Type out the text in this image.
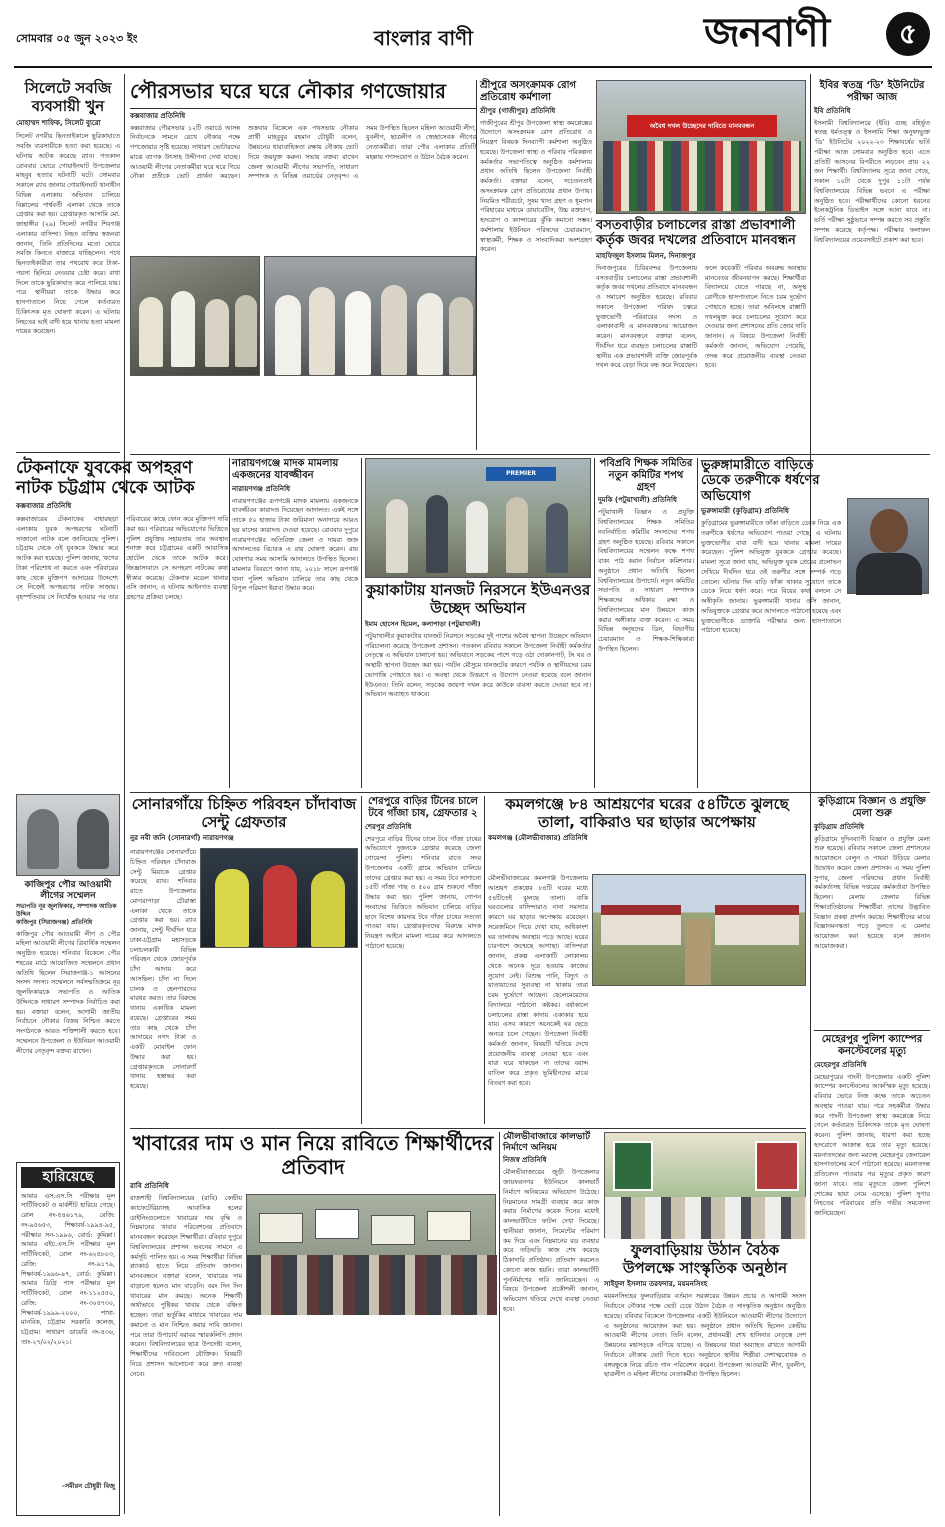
সোমবার ০৫ জুন ২০২৩ ইং	বাংলার বাণী	জনবাণী	৫
সিলেটে সবজি ব্যবসায়ী খুন
মোহাম্মদ শাফিক, সিলেট ব্যুরো
সিলেট নগরীর ছিনতাইকালে ছুরিকাঘাতে সবজি ব্যবসায়ীকে হত্যা করা হয়েছে। এ ঘটনায় আটক করেছে র‍্যাব। গতকাল রোববার ভোরে গোয়াইনঘাট উপজেলার মাহবুব হত্যার ঘটনাটি ঘটে। সোমবার সকালে র‍্যাব জানায় গোয়াইনঘাট থানাধীন বিভিন্ন এলাকায় অভিযান চালিয়ে বিল্লালের পার্শ্ববর্তী এলাকা থেকে তাকে গ্রেপ্তার করা হয়। গ্রেপ্তারকৃত আসামি মো. জাহাঙ্গীর (২৯) সিলেট নগরীর শিবগঞ্জ এলাকার বাসিন্দা। নিহত ব্যক্তির স্বজনরা জানান, তিনি প্রতিদিনের মতো ভোরে সবজি কিনতে বাজারে যাচ্ছিলেন। পথে ছিনতাইকারীরা তার পথরোধ করে টাকা-পয়সা ছিনিয়ে নেওয়ার চেষ্টা করে। বাধা দিলে তাকে ছুরিকাঘাত করে পালিয়ে যায়। পরে স্থানীয়রা তাকে উদ্ধার করে হাসপাতালে নিয়ে গেলে কর্তব্যরত চিকিৎসক মৃত ঘোষণা করেন। এ ঘটনায় নিহতের ভাই বাদী হয়ে থানায় হত্যা মামলা দায়ের করেছেন।
টেকনাফে যুবকের অপহরণ নাটক চট্টগ্রাম থেকে আটক
কক্সবাজার প্রতিনিধি
কক্সবাজারের টেকনাফের বাহারছড়া এলাকায় যুবক অপহরণের ঘটনাটি সাজানো নাটক বলে জানিয়েছে পুলিশ। চট্টগ্রাম থেকে ওই যুবককে উদ্ধার করে আটক করা হয়েছে। পুলিশ জানায়, ঋণের টাকা পরিশোধ না করতে এবং পরিবারের কাছ থেকে মুক্তিপণ আদায়ের উদ্দেশ্যে সে নিজেই অপহরণের নাটক সাজায়। বৃহস্পতিবার সে নিখোঁজ হওয়ার পর তার পরিবারের কাছে ফোন করে মুক্তিপণ দাবি করা হয়। পরিবারের অভিযোগের ভিত্তিতে পুলিশ প্রযুক্তির সহায়তায় তার অবস্থান শনাক্ত করে চট্টগ্রামের একটি আবাসিক হোটেল থেকে তাকে আটক করে। জিজ্ঞাসাবাদে সে অপহরণ নাটকের কথা স্বীকার করেছে। টেকনাফ মডেল থানার ওসি জানান, এ ঘটনায় আইনগত ব্যবস্থা গ্রহণের প্রক্রিয়া চলছে।
কাজিপুর পৌর আওয়ামী লীগের সম্মেলন
সভাপতি নূর জুলফিকার, সম্পাদক আতিক উদ্দিন
কাজিপুর (সিরাজগঞ্জ) প্রতিনিধি
কাজিপুর পৌর আওয়ামী লীগ ও পৌর মহিলা আওয়ামী লীগের ত্রিবার্ষিক সম্মেলন অনুষ্ঠিত হয়েছে। শনিবার বিকেলে পৌর শহরের মাঠে আয়োজিত সম্মেলনে প্রধান অতিথি ছিলেন সিরাজগঞ্জ-১ আসনের সংসদ সদস্য। সম্মেলনে সর্বসম্মতিক্রমে নূর জুলফিকারকে সভাপতি ও আতিক উদ্দিনকে সাধারণ সম্পাদক নির্বাচিত করা হয়। বক্তারা বলেন, আগামী জাতীয় নির্বাচনে নৌকার বিজয় নিশ্চিত করতে সংগঠনকে আরও শক্তিশালী করতে হবে। সম্মেলনে উপজেলা ও ইউনিয়ন আওয়ামী লীগের নেতৃবৃন্দ বক্তব্য রাখেন।
হারিয়েছে
আমার এস.এস.সি পরীক্ষার মূল সার্টিফিকেট ও মার্কশীট হারিয়ে গেছে। রোল নং-৫৪৬১৭৯, রেজি: নং-৯৫৬৫৩, শিক্ষাবর্ষ-১৯৯৪-৯৫, পরীক্ষার সন-১৯৯৬, বোর্ড: কুমিল্লা। আমার এইচ.এস.সি পরীক্ষার মূল সার্টিফিকেট, রোল নং-৬২৪৮০৩, রেজি: নং-৯১৭৯, শিক্ষাবর্ষ-১৯৯৬-৯৭, বোর্ড: কুমিল্লা। আমার ডিগ্রি পাস পরীক্ষার মূল সার্টিফিকেট, রোল নং-১১২৫৫০, রেজি: নং-৩০৫৭৩০, শিক্ষাবর্ষ-১৯৯৯-২০০০, শাখা-মানবিক, চট্টগ্রাম সরকারি কলেজ, চট্টগ্রাম। সাধারণ ডায়েরি নং-৪৩৬, তাং-২৭/০২/২০২১।
-সমীরন চৌধুরী বিজু
পৌরসভার ঘরে ঘরে নৌকার গণজোয়ার
কক্সবাজার প্রতিনিধি
কক্সবাজার পৌরসভার ১২টি ওয়ার্ডে আসন্ন নির্বাচনকে সামনে রেখে নৌকার পক্ষে গণজোয়ার সৃষ্টি হয়েছে। সাধারণ ভোটারদের মাঝে ব্যাপক উৎসাহ উদ্দীপনা দেখা যাচ্ছে। আওয়ামী লীগের নেতাকর্মীরা ঘরে ঘরে গিয়ে নৌকা প্রতীকে ভোট প্রার্থনা করছেন। শুক্রবার বিকেলে এক পথসভায় নৌকার প্রার্থী মাহবুবুর রহমান চৌধুরী বলেন, উন্নয়নের ধারাবাহিকতা রক্ষায় নৌকায় ভোট দিয়ে জয়যুক্ত করুন। সভায় বক্তব্য রাখেন জেলা আওয়ামী লীগের সভাপতি, সাধারণ সম্পাদক ও বিভিন্ন ওয়ার্ডের নেতৃবৃন্দ। এ সময় উপস্থিত ছিলেন মহিলা আওয়ামী লীগ, যুবলীগ, ছাত্রলীগ ও স্বেচ্ছাসেবক লীগের নেতাকর্মীরা। তারা পৌর এলাকার প্রতিটি মহল্লায় গণসংযোগ ও উঠান বৈঠক করেন।
শ্রীপুরে অসংক্রামক রোগ প্রতিরোধ কর্মশালা
শ্রীপুর (গাজীপুর) প্রতিনিধি
গাজীপুরের শ্রীপুর উপজেলা স্বাস্থ্য কমপ্লেক্সের উদ্যোগে অসংক্রামক রোগ প্রতিরোধ ও নিয়ন্ত্রণ বিষয়ক দিনব্যাপী কর্মশালা অনুষ্ঠিত হয়েছে। উপজেলা স্বাস্থ্য ও পরিবার পরিকল্পনা কর্মকর্তার সভাপতিত্বে অনুষ্ঠিত কর্মশালায় প্রধান অতিথি ছিলেন উপজেলা নির্বাহী কর্মকর্তা। বক্তারা বলেন, সচেতনতাই অসংক্রামক রোগ প্রতিরোধের প্রধান উপায়। নিয়মিত শরীরচর্চা, সুষম খাদ্য গ্রহণ ও ধূমপান পরিহারের মাধ্যমে ডায়াবেটিস, উচ্চ রক্তচাপ, হৃদরোগ ও ক্যান্সারের ঝুঁকি কমানো সম্ভব। কর্মশালায় ইউনিয়ন পরিষদের চেয়ারম্যান, স্বাস্থ্যকর্মী, শিক্ষক ও সাংবাদিকরা অংশগ্রহণ করেন।
অবৈধ দখল উচ্ছেদের দাবিতে মানববন্ধন
ইবির স্বতন্ত্র ‘ডি’ ইউনিটের পরীক্ষা আজ
ইবি প্রতিনিধি
ইসলামী বিশ্ববিদ্যালয়ে (ইবি) গুচ্ছ বহির্ভূত স্বতন্ত্র ধর্মতত্ত্ব ও ইসলামি শিক্ষা অনুষদভুক্ত ‘ডি’ ইউনিটের ২০২২-২৩ শিক্ষাবর্ষের ভর্তি পরীক্ষা আজ সোমবার অনুষ্ঠিত হবে। এতে প্রতিটি আসনের বিপরীতে লড়বেন প্রায় ২২ জন শিক্ষার্থী। বিশ্ববিদ্যালয় সূত্রে জানা গেছে, সকাল ১০টা থেকে দুপুর ১১টা পর্যন্ত বিশ্ববিদ্যালয়ের বিভিন্ন ভবনে এ পরীক্ষা অনুষ্ঠিত হবে। পরীক্ষার্থীদের কোনো ধরনের ইলেকট্রনিক ডিভাইস সঙ্গে আনা যাবে না। ভর্তি পরীক্ষা সুষ্ঠুভাবে সম্পন্ন করতে সব প্রস্তুতি সম্পন্ন করেছে কর্তৃপক্ষ। পরীক্ষার ফলাফল বিশ্ববিদ্যালয়ের ওয়েবসাইটে প্রকাশ করা হবে।
বসতবাড়ীর চলাচলের রাস্তা প্রভাবশালী কর্তৃক জবর দখলের প্রতিবাদে মানবন্ধন
মাহফিজুল ইসলাম মিলন, দিনাজপুর
দিনাজপুরের চিরিরবন্দর উপজেলায় বসতবাড়ীর চলাচলের রাস্তা প্রভাবশালী কর্তৃক জবর দখলের প্রতিবাদে মানববন্ধন ও সমাবেশ অনুষ্ঠিত হয়েছে। রবিবার সকালে উপজেলা পরিষদ চত্বরে ভুক্তভোগী পরিবারের সদস্য ও এলাকাবাসী এ মানববন্ধনের আয়োজন করেন। মানববন্ধনে বক্তারা বলেন, দীর্ঘদিন ধরে ব্যবহৃত চলাচলের রাস্তাটি স্থানীয় এক প্রভাবশালী ব্যক্তি জোরপূর্বক দখল করে বেড়া দিয়ে বন্ধ করে দিয়েছেন। ফলে কয়েকটি পরিবার অবরুদ্ধ অবস্থায় মানবেতর জীবনযাপন করছে। শিক্ষার্থীরা বিদ্যালয়ে যেতে পারছে না, অসুস্থ রোগীকে হাসপাতালে নিতে চরম দুর্ভোগ পোহাতে হচ্ছে। তারা অবিলম্বে রাস্তাটি দখলমুক্ত করে চলাচলের সুযোগ করে দেওয়ার জন্য প্রশাসনের প্রতি জোর দাবি জানান। এ বিষয়ে উপজেলা নির্বাহী কর্মকর্তা জানান, অভিযোগ পেয়েছি, তদন্ত করে প্রয়োজনীয় ব্যবস্থা নেওয়া হবে।
নারায়ণগঞ্জে মাদক মামলায় একজনের যাবজ্জীবন
নারায়ণগঞ্জ প্রতিনিধি
নারায়ণগঞ্জের রূপগঞ্জে মাদক মামলায় একজনকে যাবজ্জীবন কারাদণ্ড দিয়েছেন আদালত। একই সঙ্গে তাকে ৫০ হাজার টাকা জরিমানা অনাদায়ে আরও ছয় মাসের কারাদণ্ড দেওয়া হয়েছে। রোববার দুপুরে নারায়ণগঞ্জের অতিরিক্ত জেলা ও দায়রা জজ আদালতের বিচারক এ রায় ঘোষণা করেন। রায় ঘোষণার সময় আসামি আদালতে উপস্থিত ছিলেন। মামলার বিবরণে জানা যায়, ২০১৮ সালে রূপগঞ্জ থানা পুলিশ অভিযান চালিয়ে তার কাছ থেকে বিপুল পরিমাণ ইয়াবা উদ্ধার করে।
PREMIER
কুয়াকাটায় যানজট নিরসনে ইউএনওর উচ্ছেদ অভিযান
ইমাম হোসেন হিমেল, কলাপাড়া (পটুয়াখালী)
পটুয়াখালীর কুয়াকাটায় যানজট নিরসনে সড়কের দুই পাশের অবৈধ স্থাপনা উচ্ছেদে অভিযান পরিচালনা করেছে উপজেলা প্রশাসন। গতকাল রবিবার সকালে উপজেলা নির্বাহী কর্মকর্তার নেতৃত্বে এ অভিযান চালানো হয়। অভিযানে সড়কের পাশে গড়ে ওঠা দোকানপাট, টং ঘর ও অস্থায়ী স্থাপনা উচ্ছেদ করা হয়। পর্যটন মৌসুমে যানজটের কারণে পর্যটক ও স্থানীয়দের চরম ভোগান্তি পোহাতে হয়। এ অবস্থা থেকে উত্তরণে এ উদ্যোগ নেওয়া হয়েছে বলে জানান ইউএনও। তিনি বলেন, সড়কের জায়গা দখল করে কাউকে ব্যবসা করতে দেওয়া হবে না। অভিযান অব্যাহত থাকবে।
পবিপ্রবি শিক্ষক সমিতির নতুন কমিটির শপথ গ্রহণ
দুমকি (পটুয়াখালী) প্রতিনিধি
পটুয়াখালী বিজ্ঞান ও প্রযুক্তি বিশ্ববিদ্যালয়ের শিক্ষক সমিতির নবনির্বাচিত কমিটির সদস্যদের শপথ গ্রহণ অনুষ্ঠিত হয়েছে। রবিবার সকালে বিশ্ববিদ্যালয়ের সম্মেলন কক্ষে শপথ বাক্য পাঠ করান নির্বাচন কমিশনার। অনুষ্ঠানে প্রধান অতিথি ছিলেন বিশ্ববিদ্যালয়ের উপাচার্য। নতুন কমিটির সভাপতি ও সাধারণ সম্পাদক শিক্ষকদের অধিকার রক্ষা ও বিশ্ববিদ্যালয়ের মান উন্নয়নে কাজ করার অঙ্গীকার ব্যক্ত করেন। এ সময় বিভিন্ন অনুষদের ডিন, বিভাগীয় চেয়ারম্যান ও শিক্ষক-শিক্ষিকারা উপস্থিত ছিলেন।
ভুরুঙ্গামারীতে বাড়িতে ডেকে তরুণীকে ধর্ষণের অভিযোগ
ভুরুঙ্গামারী (কুড়িগ্রাম) প্রতিনিধি
কুড়িগ্রামের ভুরুঙ্গামারীতে ফাঁকা বাড়িতে ডেকে নিয়ে এক তরুণীকে ধর্ষণের অভিযোগ পাওয়া গেছে। এ ঘটনায় ভুক্তভোগীর বাবা বাদী হয়ে থানায় মামলা দায়ের করেছেন। পুলিশ অভিযুক্ত যুবককে গ্রেপ্তার করেছে। মামলা সূত্রে জানা যায়, অভিযুক্ত যুবক প্রেমের প্রলোভন দেখিয়ে দীর্ঘদিন ধরে ওই তরুণীর সঙ্গে সম্পর্ক গড়ে তোলে। ঘটনার দিন বাড়ি ফাঁকা থাকার সুযোগে তাকে ডেকে নিয়ে ধর্ষণ করে। পরে বিয়ের কথা বললে সে অস্বীকৃতি জানায়। ভুরুঙ্গামারী থানার ওসি জানান, অভিযুক্তকে গ্রেপ্তার করে আদালতে পাঠানো হয়েছে এবং ভুক্তভোগীকে ডাক্তারি পরীক্ষার জন্য হাসপাতালে পাঠানো হয়েছে।
সোনারগাঁয়ে চিহ্নিত পরিবহন চাঁদাবাজ সেন্টু গ্রেফতার
নুর নবী জনি (সোনারগাঁ) নারায়ণগঞ্জ
নারায়ণগঞ্জের সোনারগাঁয়ে চিহ্নিত পরিবহন চাঁদাবাজ সেন্টু মিয়াকে গ্রেপ্তার করেছে র‍্যাব। শনিবার রাতে উপজেলার মোগরাপাড়া চৌরাস্তা এলাকা থেকে তাকে গ্রেপ্তার করা হয়। র‍্যাব জানায়, সেন্টু দীর্ঘদিন ধরে ঢাকা-চট্টগ্রাম মহাসড়কে চলাচলকারী বিভিন্ন পরিবহন থেকে জোরপূর্বক চাঁদা আদায় করে আসছিল। চাঁদা না দিলে চালক ও হেলপারদের মারধর করত। তার বিরুদ্ধে থানায় একাধিক মামলা রয়েছে। গ্রেপ্তারের সময় তার কাছ থেকে চাঁদা আদায়ের নগদ টাকা ও একটি মোবাইল ফোন উদ্ধার করা হয়। গ্রেপ্তারকৃতকে সোনারগাঁ থানায় হস্তান্তর করা হয়েছে।
শেরপুরে বাড়ির টিনের চালে টবে গাঁজা চাষ, গ্রেফতার ২
শেরপুর প্রতিনিধি
শেরপুরে বাড়ির টিনের চালে টবে গাঁজা চাষের অভিযোগে দুজনকে গ্রেপ্তার করেছে জেলা গোয়েন্দা পুলিশ। শনিবার রাতে সদর উপজেলার একটি গ্রামে অভিযান চালিয়ে তাদের গ্রেপ্তার করা হয়। এ সময় টবে লাগানো ১৫টি গাঁজা গাছ ও ৫০০ গ্রাম শুকনো গাঁজা উদ্ধার করা হয়। পুলিশ জানায়, গোপন সংবাদের ভিত্তিতে অভিযান চালিয়ে বাড়ির ছাদে বিশেষ কায়দায় টবে গাঁজা চাষের সত্যতা পাওয়া যায়। গ্রেপ্তারকৃতদের বিরুদ্ধে মাদক নিয়ন্ত্রণ আইনে মামলা দায়ের করে আদালতে পাঠানো হয়েছে।
কমলগঞ্জে ৮৪ আশ্রয়ণের ঘরের ৫৪টিতে ঝুলছে তালা, বাকিরাও ঘর ছাড়ার অপেক্ষায়
কমলগঞ্জ (মৌলভীবাজার) প্রতিনিধি
মৌলভীবাজারের কমলগঞ্জ উপজেলায় আশ্রয়ণ প্রকল্পের ৮৪টি ঘরের মধ্যে ৫৪টিতেই ঝুলছে তালা। বাকি ঘরগুলোর বাসিন্দারাও নানা সমস্যার কারণে ঘর ছাড়ার অপেক্ষায় রয়েছেন। সরেজমিনে গিয়ে দেখা যায়, অধিকাংশ ঘর তালাবদ্ধ অবস্থায় পড়ে আছে। ঘরের চারপাশে জন্মেছে আগাছা। বাসিন্দারা জানান, প্রকল্প এলাকাটি লোকালয় থেকে অনেক দূরে হওয়ায় কাজের সুযোগ নেই। বিশুদ্ধ পানি, বিদ্যুৎ ও যাতায়াতের সুব্যবস্থা না থাকায় তারা চরম দুর্ভোগে আছেন। ছেলেমেয়েদের বিদ্যালয়ে পাঠানো কষ্টকর। বর্ষাকালে চলাচলের রাস্তা কাদায় একাকার হয়ে যায়। এসব কারণে অনেকেই ঘর ছেড়ে অন্যত্র চলে গেছেন। উপজেলা নির্বাহী কর্মকর্তা জানান, বিষয়টি খতিয়ে দেখে প্রয়োজনীয় ব্যবস্থা নেওয়া হবে এবং যারা ঘরে থাকছেন না তাদের বরাদ্দ বাতিল করে প্রকৃত ভূমিহীনদের মাঝে বিতরণ করা হবে।
কুড়িগ্রামে বিজ্ঞান ও প্রযুক্তি মেলা শুরু
কুড়িগ্রাম প্রতিনিধি
কুড়িগ্রামে দুদিনব্যাপী বিজ্ঞান ও প্রযুক্তি মেলা শুরু হয়েছে। রবিবার সকালে জেলা প্রশাসনের আয়োজনে বেলুন ও পায়রা উড়িয়ে মেলার উদ্বোধন করেন জেলা প্রশাসক। এ সময় পুলিশ সুপার, জেলা পরিষদের প্রধান নির্বাহী কর্মকর্তাসহ বিভিন্ন দপ্তরের কর্মকর্তারা উপস্থিত ছিলেন। মেলায় জেলার বিভিন্ন শিক্ষাপ্রতিষ্ঠানের শিক্ষার্থীরা তাদের উদ্ভাবিত বিজ্ঞান প্রকল্প প্রদর্শন করছে। শিক্ষার্থীদের মাঝে বিজ্ঞানমনস্কতা গড়ে তুলতে এ মেলার আয়োজন করা হয়েছে বলে জানান আয়োজকরা।
মেহেরপুর পুলিশ ক্যাম্পের কনস্টেবলের মৃত্যু
মেহেরপুর প্রতিনিধি
মেহেরপুরের গাংনী উপজেলার একটি পুলিশ ক্যাম্পের কনস্টেবলের আকস্মিক মৃত্যু হয়েছে। রবিবার ভোরে নিজ কক্ষে তাকে অচেতন অবস্থায় পাওয়া যায়। পরে সহকর্মীরা উদ্ধার করে গাংনী উপজেলা স্বাস্থ্য কমপ্লেক্সে নিয়ে গেলে কর্তব্যরত চিকিৎসক তাকে মৃত ঘোষণা করেন। পুলিশ জানায়, ধারণা করা হচ্ছে হৃদরোগে আক্রান্ত হয়ে তার মৃত্যু হয়েছে। ময়নাতদন্তের জন্য মরদেহ মেহেরপুর জেনারেল হাসপাতালের মর্গে পাঠানো হয়েছে। ময়নাতদন্ত প্রতিবেদন পাওয়ার পর মৃত্যুর প্রকৃত কারণ জানা যাবে। তার মৃত্যুতে জেলা পুলিশে শোকের ছায়া নেমে এসেছে। পুলিশ সুপার নিহতের পরিবারের প্রতি গভীর সমবেদনা জানিয়েছেন।
খাবারের দাম ও মান নিয়ে রাবিতে শিক্ষার্থীদের প্রতিবাদ
রাবি প্রতিনিধি
রাজশাহী বিশ্ববিদ্যালয়ের (রাবি) কেন্দ্রীয় ক্যাফেটেরিয়াসহ আবাসিক হলের ডাইনিংগুলোতে খাবারের দাম বৃদ্ধি ও নিম্নমানের খাবার পরিবেশনের প্রতিবাদে মানববন্ধন করেছেন শিক্ষার্থীরা। রবিবার দুপুরে বিশ্ববিদ্যালয়ের প্রশাসন ভবনের সামনে এ কর্মসূচি পালিত হয়। এ সময় শিক্ষার্থীরা বিভিন্ন প্ল্যাকার্ড হাতে নিয়ে প্রতিবাদ জানান। মানববন্ধনে বক্তারা বলেন, খাবারের দাম বাড়ানো হলেও মান বাড়েনি। বরং দিন দিন খাবারের মান কমছে। অনেক শিক্ষার্থী অর্থাভাবে পুষ্টিকর খাবার থেকে বঞ্চিত হচ্ছেন। তারা ভর্তুকির মাধ্যমে খাবারের দাম কমানো ও মান নিশ্চিত করার দাবি জানান। পরে তারা উপাচার্য বরাবর স্মারকলিপি প্রদান করেন। বিশ্ববিদ্যালয়ের ছাত্র উপদেষ্টা বলেন, শিক্ষার্থীদের দাবিগুলো যৌক্তিক। বিষয়টি নিয়ে প্রশাসন আলোচনা করে দ্রুত ব্যবস্থা নেবে।
মৌলভীবাজারে কালভার্ট নির্মাণে অনিয়ম
নিজস্ব প্রতিনিধি
মৌলভীবাজারের জুড়ী উপজেলার জায়ফরনগর ইউনিয়নে কালভার্ট নির্মাণে অনিয়মের অভিযোগ উঠেছে। নিম্নমানের সামগ্রী ব্যবহার করে কাজ করায় নির্মাণের কয়েক দিনের মধ্যেই কালভার্টটিতে ফাটল দেখা দিয়েছে। স্থানীয়রা জানান, সিমেন্টের পরিমাণ কম দিয়ে এবং নিম্নমানের রড ব্যবহার করে তড়িঘড়ি কাজ শেষ করেছে ঠিকাদারি প্রতিষ্ঠান। প্রতিবাদ করলেও কোনো কাজ হয়নি। তারা কালভার্টটি পুনর্নির্মাণের দাবি জানিয়েছেন। এ বিষয়ে উপজেলা প্রকৌশলী জানান, অভিযোগ খতিয়ে দেখে ব্যবস্থা নেওয়া হবে।
ফুলবাড়িয়ায় উঠান বৈঠক উপলক্ষে সাংস্কৃতিক অনুষ্ঠান
সাইফুল ইসলাম তরফদার, ময়মনসিংহ
ময়মনসিংহের ফুলবাড়িয়ায় বর্তমান সরকারের উন্নয়ন প্রচার ও আগামী সংসদ নির্বাচনে নৌকার পক্ষে ভোট চেয়ে উঠান বৈঠক ও সাংস্কৃতিক অনুষ্ঠান অনুষ্ঠিত হয়েছে। রবিবার বিকেলে উপজেলার একটি ইউনিয়নে আওয়ামী লীগের উদ্যোগে এ অনুষ্ঠানের আয়োজন করা হয়। অনুষ্ঠানে প্রধান অতিথি ছিলেন কেন্দ্রীয় আওয়ামী লীগের নেতা। তিনি বলেন, প্রধানমন্ত্রী শেখ হাসিনার নেতৃত্বে দেশ উন্নয়নের মহাসড়কে এগিয়ে যাচ্ছে। এ উন্নয়নের ধারা অব্যাহত রাখতে আগামী নির্বাচনে নৌকায় ভোট দিতে হবে। অনুষ্ঠানে স্থানীয় শিল্পীরা দেশাত্মবোধক ও বঙ্গবন্ধুকে নিয়ে রচিত গান পরিবেশন করেন। উপজেলা আওয়ামী লীগ, যুবলীগ, ছাত্রলীগ ও মহিলা লীগের নেতাকর্মীরা উপস্থিত ছিলেন।
